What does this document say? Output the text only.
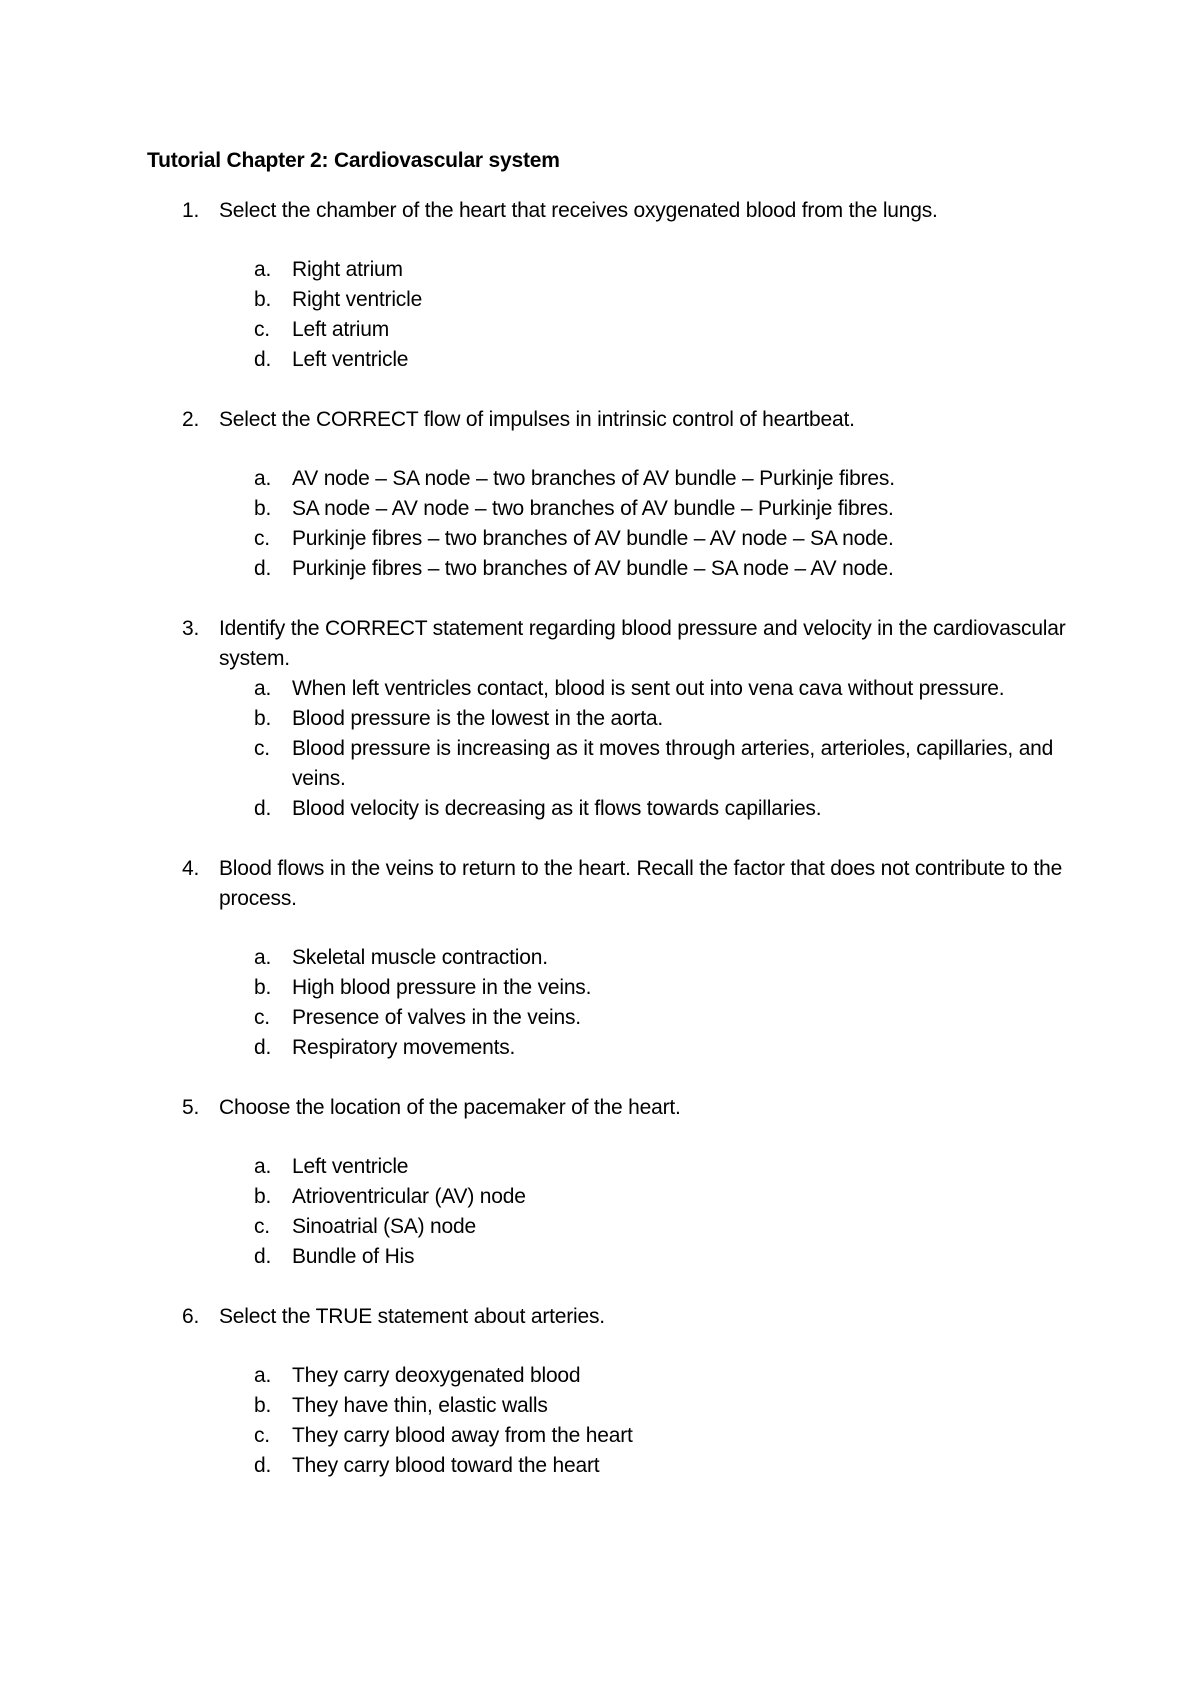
Tutorial Chapter 2: Cardiovascular system
1. Select the chamber of the heart that receives oxygenated blood from the lungs.
a. Right atrium
b. Right ventricle
c. Left atrium
d. Left ventricle
2. Select the CORRECT flow of impulses in intrinsic control of heartbeat.
a. AV node – SA node – two branches of AV bundle – Purkinje fibres.
b. SA node – AV node – two branches of AV bundle – Purkinje fibres.
c. Purkinje fibres – two branches of AV bundle – AV node – SA node.
d. Purkinje fibres – two branches of AV bundle – SA node – AV node.
3. Identify the CORRECT statement regarding blood pressure and velocity in the cardiovascular system.
a. When left ventricles contact, blood is sent out into vena cava without pressure.
b. Blood pressure is the lowest in the aorta.
c. Blood pressure is increasing as it moves through arteries, arterioles, capillaries, and veins.
d. Blood velocity is decreasing as it flows towards capillaries.
4. Blood flows in the veins to return to the heart. Recall the factor that does not contribute to the process.
a. Skeletal muscle contraction.
b. High blood pressure in the veins.
c. Presence of valves in the veins.
d. Respiratory movements.
5. Choose the location of the pacemaker of the heart.
a. Left ventricle
b. Atrioventricular (AV) node
c. Sinoatrial (SA) node
d. Bundle of His
6. Select the TRUE statement about arteries.
a. They carry deoxygenated blood
b. They have thin, elastic walls
c. They carry blood away from the heart
d. They carry blood toward the heart
